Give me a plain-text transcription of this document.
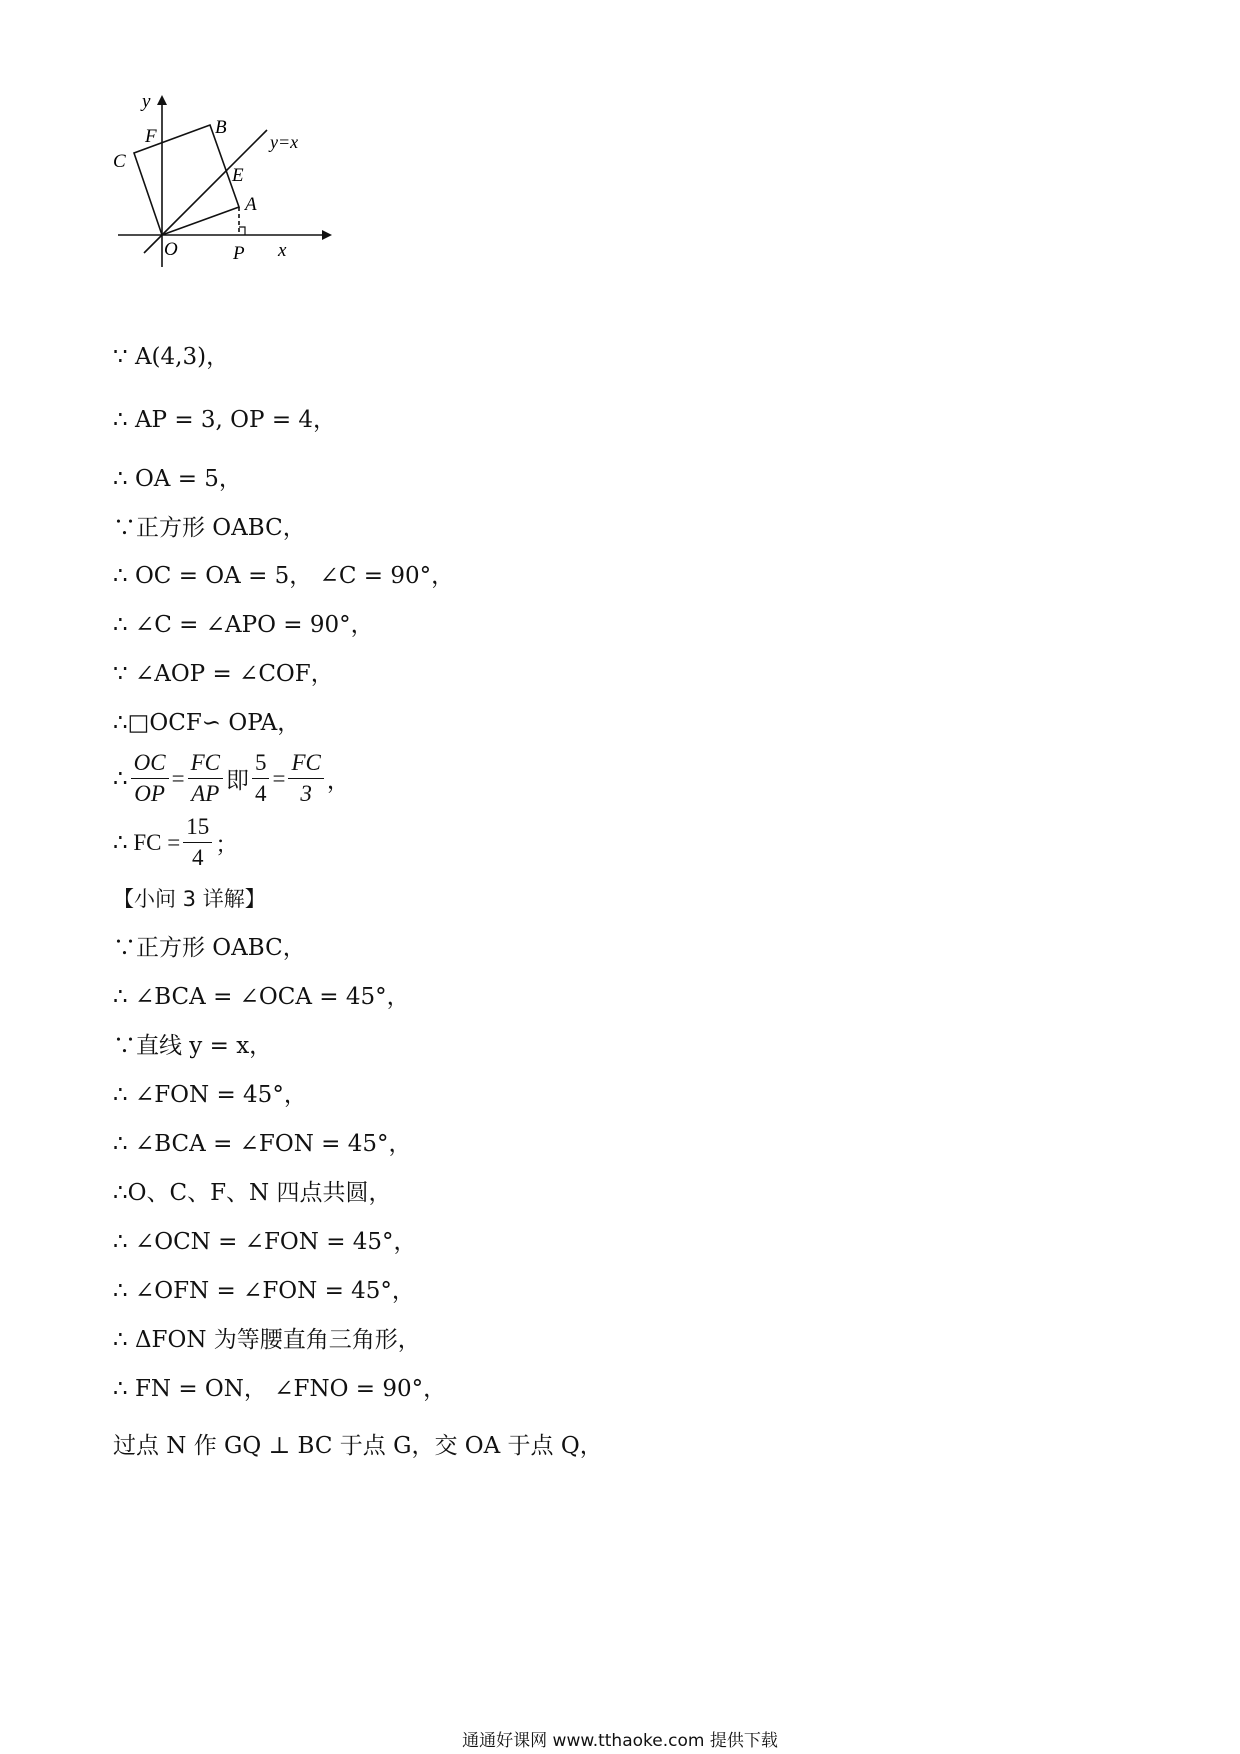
y
x
O	P
A
B
C
E
F	y=x
∵ A(4,3)，
∴ AP = 3, OP = 4，
∴ OA = 5，
∵正方形 OABC，
∴ OC = OA = 5， ∠C = 90°，
∴ ∠C = ∠APO = 90°，
∵ ∠AOP = ∠COF，
∴□OCF∽ OPA，
∴ $\frac{OC}{OP} = \frac{FC}{AP}$ 即 $\frac{5}{4} = \frac{FC}{3}$ ，
∴ FC = $\frac{15}{4}$ ；
【小问 3 详解】
∵正方形 OABC，
∴ ∠BCA = ∠OCA = 45°，
∵直线 y = x，
∴ ∠FON = 45°，
∴ ∠BCA = ∠FON = 45°，
∴O、C、F、N 四点共圆，
∴ ∠OCN = ∠FON = 45°，
∴ ∠OFN = ∠FON = 45°，
∴ ΔFON 为等腰直角三角形，
∴ FN = ON， ∠FNO = 90°，
过点 N 作 GQ ⊥ BC 于点 G，交 OA 于点 Q，
通通好课网 www.tthaoke.com 提供下载
